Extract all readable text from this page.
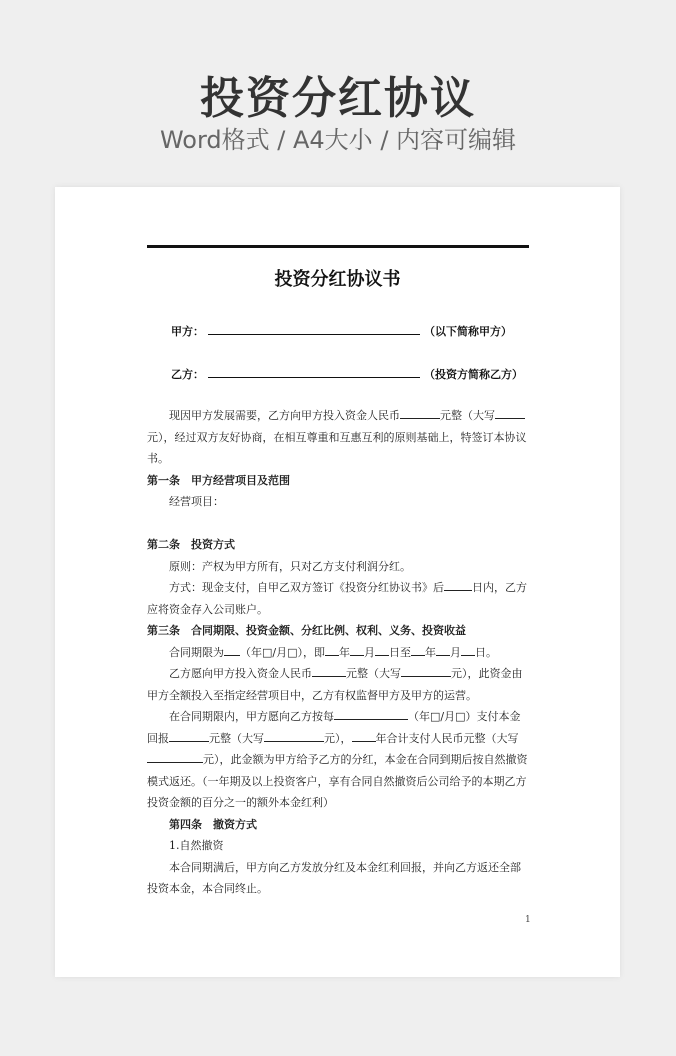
投资分红协议
Word格式 / A4大小 / 内容可编辑
投资分红协议书
甲方：	（以下简称甲方）
乙方：	（投资方简称乙方）

现因甲方发展需要，乙方向甲方投入资金人民币	元整（大写元），经过双方友好协商，在相互尊重和互惠互利的原则基础上，特签订本协议书。

第一条　甲方经营项目及范围

经营项目：

第二条　投资方式

原则：产权为甲方所有，只对乙方支付利润分红。

方式：现金支付，自甲乙双方签订《投资分红协议书》后	日内，乙方应将资金存入公司账户。

第三条　合同期限、投资金额、分红比例、权利、义务、投资收益

合同期限为 （年□/月□），即 年 月 日至 年 月 日。

乙方愿向甲方投入资金人民币	元整（大写	元），此资金由甲方全额投入至指定经营项目中，乙方有权监督甲方及甲方的运营。

在合同期限内，甲方愿向乙方按每	（年□/月□）支付本金回报	元整（大写	元）， 年合计支付人民币元整（大写元），此金额为甲方给予乙方的分红，本金在合同到期后按自然撤资模式返还。（一年期及以上投资客户，享有合同自然撤资后公司给予的本期乙方投资金额的百分之一的额外本金红利）

第四条　撤资方式

1.自然撤资

本合同期满后，甲方向乙方发放分红及本金红利回报，并向乙方返还全部投资本金，本合同终止。

1
